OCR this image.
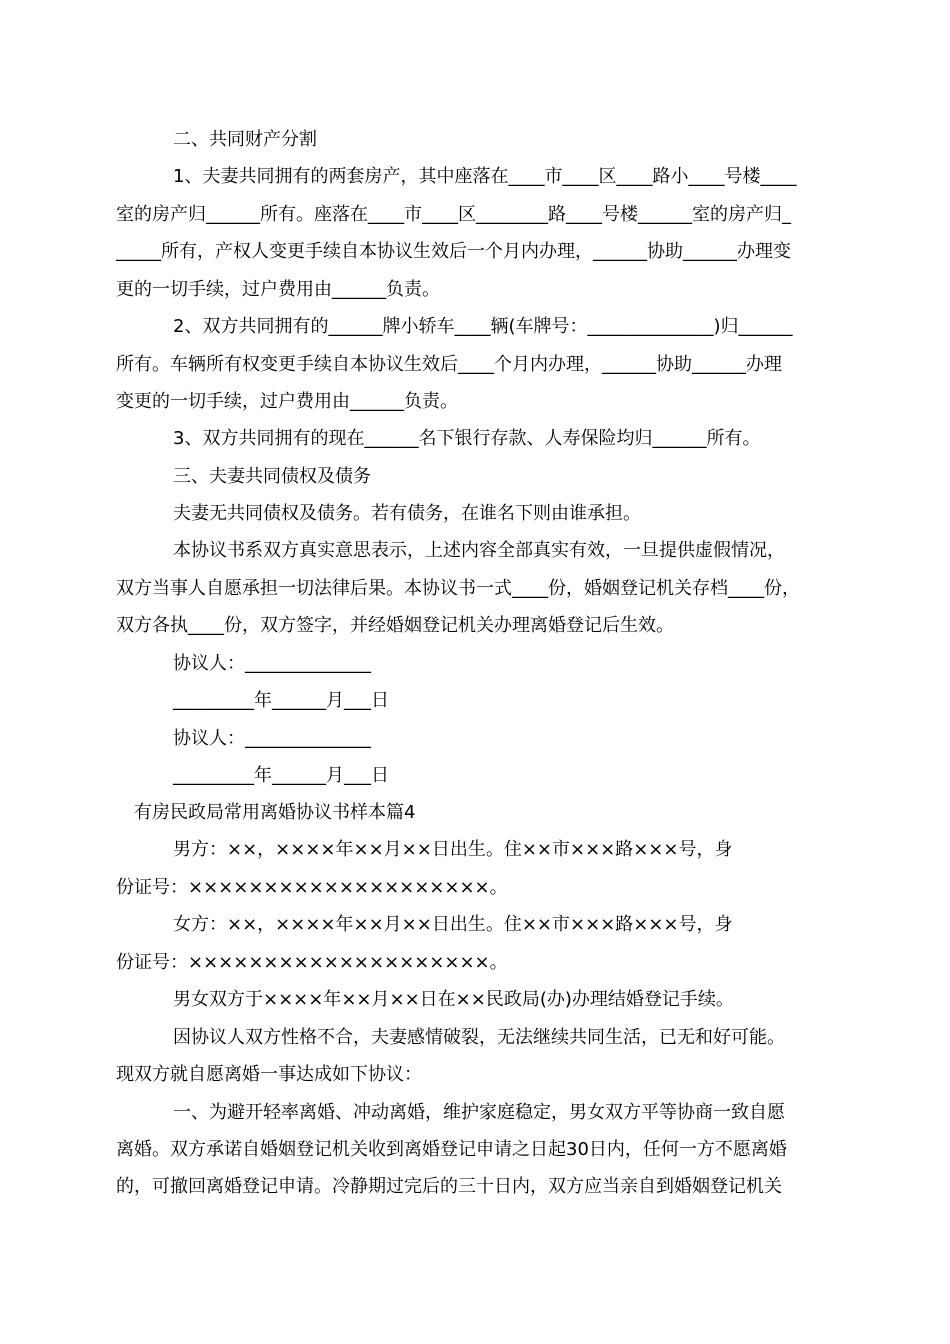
二、共同财产分割
1、夫妻共同拥有的两套房产，其中座落在____市____区____路小____号楼____
室的房产归______所有。座落在____市____区________路____号楼______室的房产归_
_____所有，产权人变更手续自本协议生效后一个月内办理，______协助______办理变
更的一切手续，过户费用由______负责。
2、双方共同拥有的______牌小轿车____辆(车牌号：______________)归______
所有。车辆所有权变更手续自本协议生效后____个月内办理，______协助______办理
变更的一切手续，过户费用由______负责。
3、双方共同拥有的现在______名下银行存款、人寿保险均归______所有。
三、夫妻共同债权及债务
夫妻无共同债权及债务。若有债务，在谁名下则由谁承担。
本协议书系双方真实意思表示，上述内容全部真实有效，一旦提供虚假情况，
双方当事人自愿承担一切法律后果。本协议书一式____份，婚姻登记机关存档____份，
双方各执____份，双方签字，并经婚姻登记机关办理离婚登记后生效。
协议人：______________
_________年______月___日
协议人：______________
_________年______月___日
有房民政局常用离婚协议书样本篇4
男方：××，××××年××月××日出生。住××市×××路×××号，身
份证号：××××××××××××××××××××。
女方：××，××××年××月××日出生。住××市×××路×××号，身
份证号：××××××××××××××××××××。
男女双方于××××年××月××日在××民政局(办)办理结婚登记手续。
因协议人双方性格不合，夫妻感情破裂，无法继续共同生活，已无和好可能。
现双方就自愿离婚一事达成如下协议：
一、为避开轻率离婚、冲动离婚，维护家庭稳定，男女双方平等协商一致自愿
离婚。双方承诺自婚姻登记机关收到离婚登记申请之日起30日内，任何一方不愿离婚
的，可撤回离婚登记申请。冷静期过完后的三十日内，双方应当亲自到婚姻登记机关
